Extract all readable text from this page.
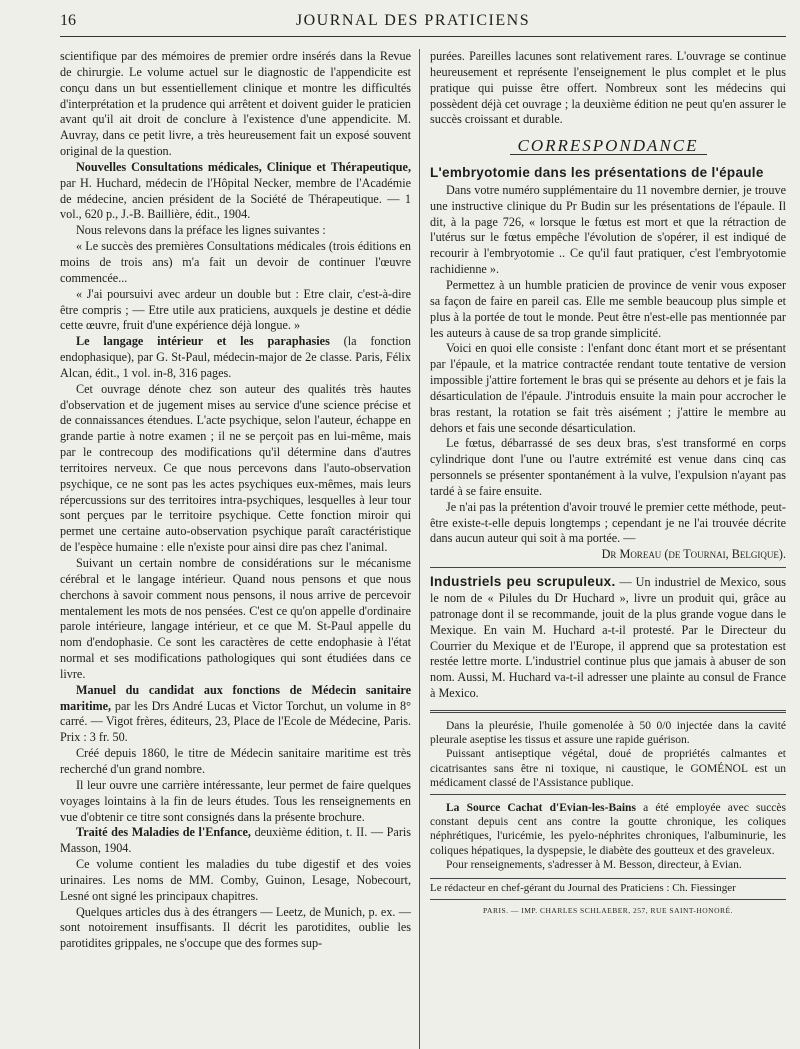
16	JOURNAL DES PRATICIENS

scientifique par des mémoires de premier ordre insérés dans la Revue de chirurgie. Le volume actuel sur le diagnostic de l'appendicite est conçu dans un but essentiellement clinique et montre les difficultés d'interprétation et la prudence qui arrêtent et doivent guider le praticien avant qu'il ait droit de conclure à l'existence d'une appendicite. M. Auvray, dans ce petit livre, a très heureusement fait un exposé souvent original de la question.

Nouvelles Consultations médicales, Clinique et Thérapeutique, par H. Huchard, médecin de l'Hôpital Necker, membre de l'Académie de médecine, ancien président de la Société de Thérapeutique. — 1 vol., 620 p., J.-B. Baillière, édit., 1904.

Nous relevons dans la préface les lignes suivantes :

« Le succès des premières Consultations médicales (trois éditions en moins de trois ans) m'a fait un devoir de continuer l'œuvre commencée...

« J'ai poursuivi avec ardeur un double but : Etre clair, c'est-à-dire être compris ; — Etre utile aux praticiens, auxquels je destine et dédie cette œuvre, fruit d'une expérience déjà longue. »

Le langage intérieur et les paraphasies (la fonction endophasique), par G. St-Paul, médecin-major de 2e classe. Paris, Félix Alcan, édit., 1 vol. in-8, 316 pages.

Cet ouvrage dénote chez son auteur des qualités très hautes d'observation et de jugement mises au service d'une science précise et de connaissances étendues. L'acte psychique, selon l'auteur, échappe en grande partie à notre examen ; il ne se perçoit pas en lui-même, mais par le contrecoup des modifications qu'il détermine dans d'autres territoires nerveux. Ce que nous percevons dans l'auto-observation psychique, ce ne sont pas les actes psychiques eux-mêmes, mais leurs répercussions sur des territoires intra-psychiques, lesquelles à leur tour sont perçues par le territoire psychique. Cette fonction miroir qui permet une certaine auto-observation psychique paraît caractéristique de l'espèce humaine : elle n'existe pour ainsi dire pas chez l'animal.

Suivant un certain nombre de considérations sur le mécanisme cérébral et le langage intérieur. Quand nous pensons et que nous cherchons à savoir comment nous pensons, il nous arrive de percevoir mentalement les mots de nos pensées. C'est ce qu'on appelle d'ordinaire parole intérieure, langage intérieur, et ce que M. St-Paul appelle du nom d'endophasie. Ce sont les caractères de cette endophasie à l'état normal et ses modifications pathologiques qui sont étudiées dans ce livre.

Manuel du candidat aux fonctions de Médecin sanitaire maritime, par les Drs André Lucas et Victor Torchut, un volume in 8° carré. — Vigot frères, éditeurs, 23, Place de l'Ecole de Médecine, Paris. Prix : 3 fr. 50.

Créé depuis 1860, le titre de Médecin sanitaire maritime est très recherché d'un grand nombre.

Il leur ouvre une carrière intéressante, leur permet de faire quelques voyages lointains à la fin de leurs études. Tous les renseignements en vue d'obtenir ce titre sont consignés dans la présente brochure.

Traité des Maladies de l'Enfance, deuxième édition, t. II. — Paris Masson, 1904.

Ce volume contient les maladies du tube digestif et des voies urinaires. Les noms de MM. Comby, Guinon, Lesage, Nobecourt, Lesné ont signé les principaux chapitres.

Quelques articles dus à des étrangers — Leetz, de Munich, p. ex. — sont notoirement insuffisants. Il décrit les parotidites, oublie les parotidites grippales, ne s'occupe que des formes sup-

purées. Pareilles lacunes sont relativement rares. L'ouvrage se continue heureusement et représente l'enseignement le plus complet et le plus pratique qui puisse être offert. Nombreux sont les médecins qui possèdent déjà cet ouvrage ; la deuxième édition ne peut qu'en assurer le succès croissant et durable.

CORRESPONDANCE
L'embryotomie dans les présentations de l'épaule

Dans votre numéro supplémentaire du 11 novembre dernier, je trouve une instructive clinique du Pr Budin sur les présentations de l'épaule. Il dit, à la page 726, « lorsque le fœtus est mort et que la rétraction de l'utérus sur le fœtus empêche l'évolution de s'opérer, il est indiqué de recourir à l'embryotomie .. Ce qu'il faut pratiquer, c'est l'embryotomie rachidienne ».

Permettez à un humble praticien de province de venir vous exposer sa façon de faire en pareil cas. Elle me semble beaucoup plus simple et plus à la portée de tout le monde. Peut être n'est-elle pas mentionnée par les auteurs à cause de sa trop grande simplicité.

Voici en quoi elle consiste : l'enfant donc étant mort et se présentant par l'épaule, et la matrice contractée rendant toute tentative de version impossible j'attire fortement le bras qui se présente au dehors et je fais la désarticulation de l'épaule. J'introduis ensuite la main pour accrocher le bras restant, la rotation se fait très aisément ; j'attire le membre au dehors et fais une seconde désarticulation.

Le fœtus, débarrassé de ses deux bras, s'est transformé en corps cylindrique dont l'une ou l'autre extrémité est venue dans cinq cas personnels se présenter spontanément à la vulve, l'expulsion n'ayant pas tardé à se faire ensuite.

Je n'ai pas la prétention d'avoir trouvé le premier cette méthode, peut-être existe-t-elle depuis longtemps ; cependant je ne l'ai trouvée décrite dans aucun auteur qui soit à ma portée. —

Dr Moreau (de Tournai, Belgique).

Industriels peu scrupuleux. — Un industriel de Mexico, sous le nom de « Pilules du Dr Huchard », livre un produit qui, grâce au patronage dont il se recommande, jouit de la plus grande vogue dans le Mexique. En vain M. Huchard a-t-il protesté. Par le Directeur du Courrier du Mexique et de l'Europe, il apprend que sa protestation est restée lettre morte. L'industriel continue plus que jamais à abuser de son nom. Aussi, M. Huchard va-t-il adresser une plainte au consul de France à Mexico.

Dans la pleurésie, l'huile gomenolée à 50 0/0 injectée dans la cavité pleurale aseptise les tissus et assure une rapide guérison.

Puissant antiseptique végétal, doué de propriétés calmantes et cicatrisantes sans être ni toxique, ni caustique, le GOMÉNOL est un médicament classé de l'Assistance publique.

La Source Cachat d'Evian-les-Bains a été employée avec succès constant depuis cent ans contre la goutte chronique, les coliques néphrétiques, l'uricémie, les pyelo-néphrites chroniques, l'albuminurie, les coliques hépatiques, la dyspepsie, le diabète des goutteux et des graveleux.

Pour renseignements, s'adresser à M. Besson, directeur, à Evian.

Le rédacteur en chef-gérant du Journal des Praticiens : Ch. Fiessinger

PARIS. — IMP. CHARLES SCHLAEBER, 257, RUE SAINT-HONORÉ.
